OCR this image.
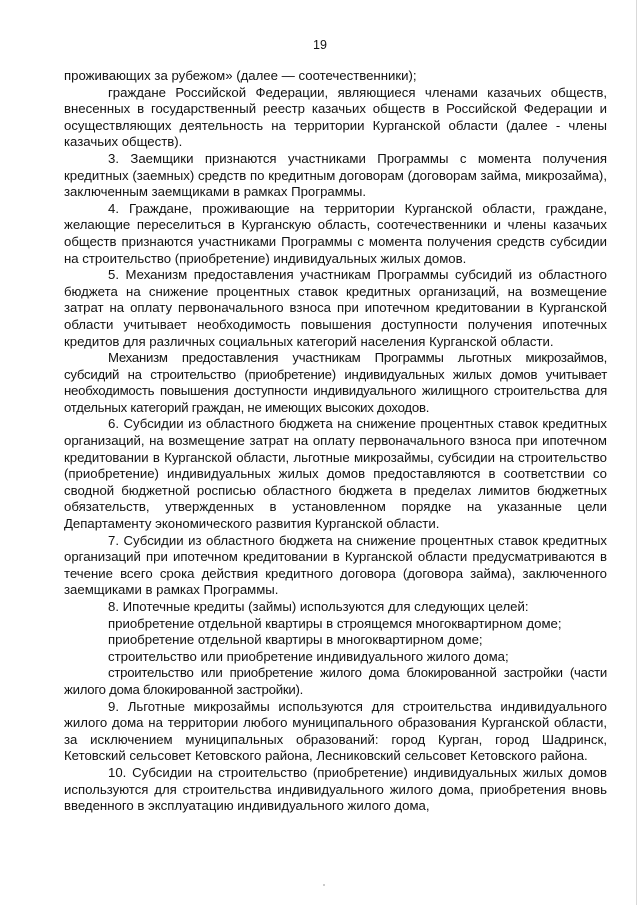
19

проживающих за рубежом» (далее — соотечественники);

граждане Российской Федерации, являющиеся членами казачьих обществ, внесенных в государственный реестр казачьих обществ в Российской Федерации и осуществляющих деятельность на территории Курганской области (далее - члены казачьих обществ).

3. Заемщики признаются участниками Программы с момента получения кредитных (заемных) средств по кредитным договорам (договорам займа, микрозайма), заключенным заемщиками в рамках Программы.

4. Граждане, проживающие на территории Курганской области, граждане, желающие переселиться в Курганскую область, соотечественники и члены казачьих обществ признаются участниками Программы с момента получения средств субсидии на строительство (приобретение) индивидуальных жилых домов.

5. Механизм предоставления участникам Программы субсидий из областного бюджета на снижение процентных ставок кредитных организаций, на возмещение затрат на оплату первоначального взноса при ипотечном кредитовании в Курганской области учитывает необходимость повышения доступности получения ипотечных кредитов для различных социальных категорий населения Курганской области.

Механизм предоставления участникам Программы льготных микрозаймов, субсидий на строительство (приобретение) индивидуальных жилых домов учитывает необходимость повышения доступности индивидуального жилищного строительства для отдельных категорий граждан, не имеющих высоких доходов.

6. Субсидии из областного бюджета на снижение процентных ставок кредитных организаций, на возмещение затрат на оплату первоначального взноса при ипотечном кредитовании в Курганской области, льготные микрозаймы, субсидии на строительство (приобретение) индивидуальных жилых домов предоставляются в соответствии со сводной бюджетной росписью областного бюджета в пределах лимитов бюджетных обязательств, утвержденных в установленном порядке на указанные цели Департаменту экономического развития Курганской области.

7. Субсидии из областного бюджета на снижение процентных ставок кредитных организаций при ипотечном кредитовании в Курганской области предусматриваются в течение всего срока действия кредитного договора (договора займа), заключенного заемщиками в рамках Программы.

8. Ипотечные кредиты (займы) используются для следующих целей:

приобретение отдельной квартиры в строящемся многоквартирном доме;

приобретение отдельной квартиры в многоквартирном доме;

строительство или приобретение индивидуального жилого дома;

строительство или приобретение жилого дома блокированной застройки (части жилого дома блокированной застройки).

9. Льготные микрозаймы используются для строительства индивидуального жилого дома на территории любого муниципального образования Курганской области, за исключением муниципальных образований: город Курган, город Шадринск, Кетовский сельсовет Кетовского района, Лесниковский сельсовет Кетовского района.

10. Субсидии на строительство (приобретение) индивидуальных жилых домов используются для строительства индивидуального жилого дома, приобретения вновь введенного в эксплуатацию индивидуального жилого дома,
